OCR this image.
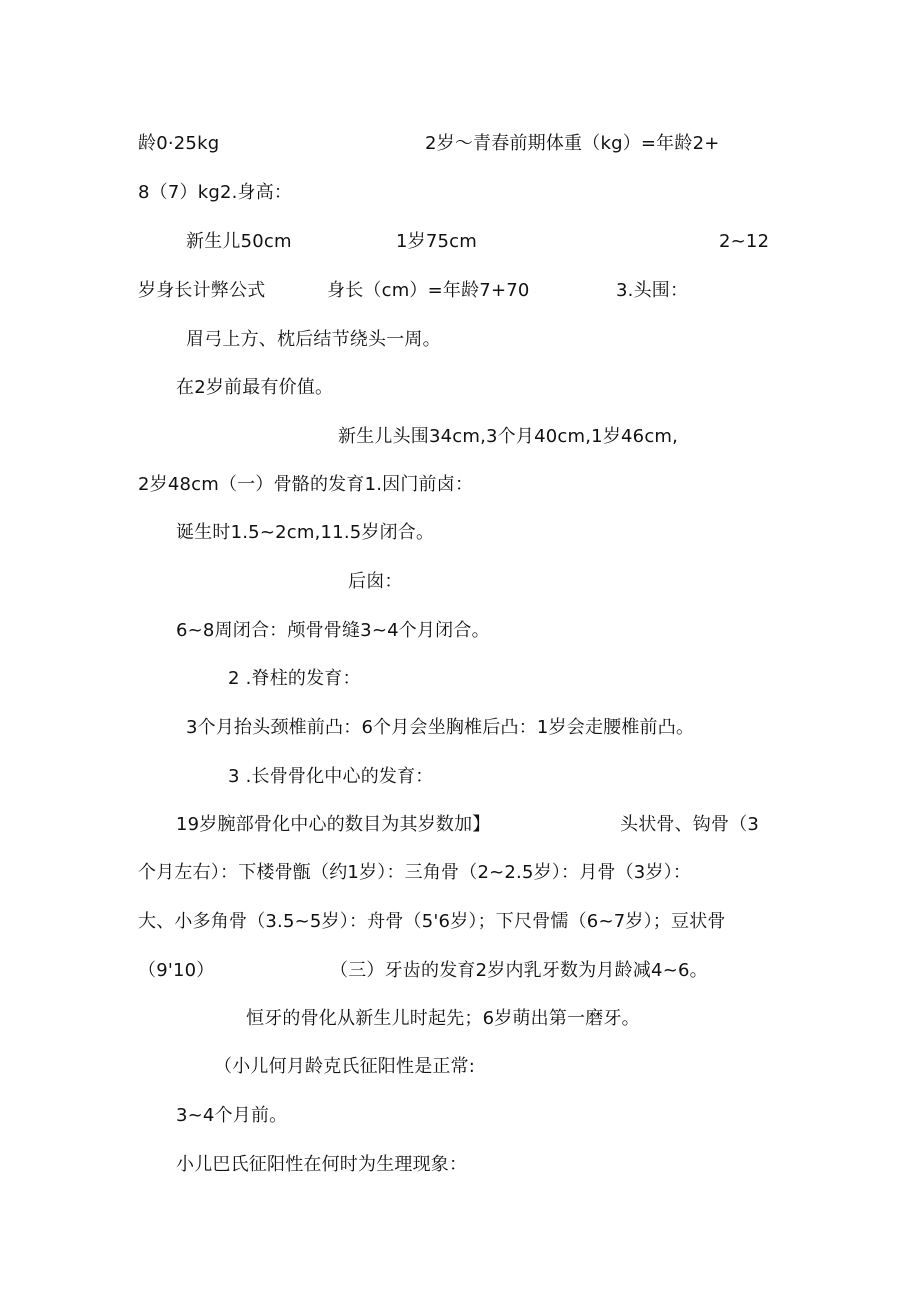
龄0·25kg	2岁～青春前期体重（kg）=年龄2+
8（7）kg2.身高：
新生儿50cm	1岁75cm	2~12
岁身长计弊公式	身长（cm）=年龄7+70	3.头围：
眉弓上方、枕后结节绕头一周。
在2岁前最有价值。
新生儿头围34cm,3个月40cm,1岁46cm,
2岁48cm（一）骨骼的发育1.因门前卤：
诞生时1.5~2cm,11.5岁闭合。
后囱：
6~8周闭合：颅骨骨缝3~4个月闭合。
2 .脊柱的发育：
3个月抬头颈椎前凸：6个月会坐胸椎后凸：1岁会走腰椎前凸。
3 .长骨骨化中心的发育：
19岁腕部骨化中心的数目为其岁数加】	头状骨、钩骨（3
个月左右）：下楼骨甑（约1岁）：三角骨（2~2.5岁）：月骨（3岁）：
大、小多角骨（3.5~5岁）：舟骨（5'6岁）；下尺骨懦（6~7岁）；豆状骨
（9'10）	（三）牙齿的发育2岁内乳牙数为月龄减4~6。
恒牙的骨化从新生儿时起先；6岁萌出第一磨牙。
（小儿何月龄克氏征阳性是正常:
3~4个月前。
小儿巴氏征阳性在何时为生理现象：
